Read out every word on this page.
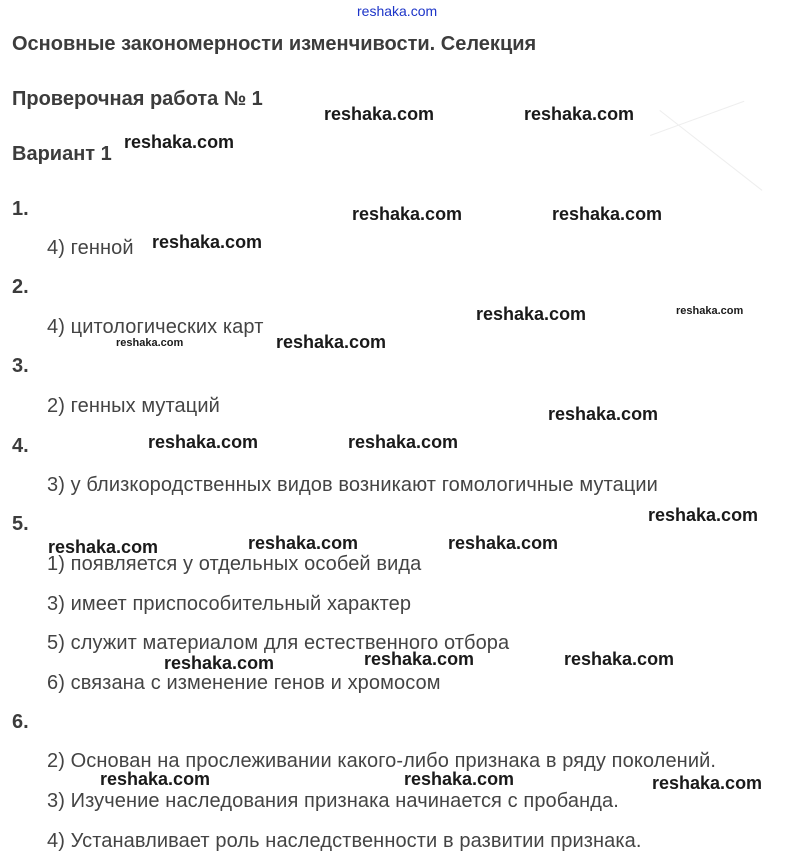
reshaka.com
Основные закономерности изменчивости. Селекция
Проверочная работа № 1
Вариант 1
1.
4) генной
2.
4) цитологических карт
3.
2) генных мутаций
4.
3) у близкородственных видов возникают гомологичные мутации
5.
1) появляется у отдельных особей вида
3) имеет приспособительный характер
5) служит материалом для естественного отбора
6) связана с изменение генов и хромосом
6.
2) Основан на прослеживании какого-либо признака в ряду поколений.
3) Изучение наследования признака начинается с пробанда.
4) Устанавливает роль наследственности в развитии признака.
reshaka.com	reshaka.com
reshaka.com
reshaka.com	reshaka.com
reshaka.com
reshaka.com	reshaka.com
reshaka.com	reshaka.com
reshaka.com
reshaka.com	reshaka.com
reshaka.com
reshaka.com	reshaka.com	reshaka.com
reshaka.com	reshaka.com	reshaka.com
reshaka.com	reshaka.com	reshaka.com
